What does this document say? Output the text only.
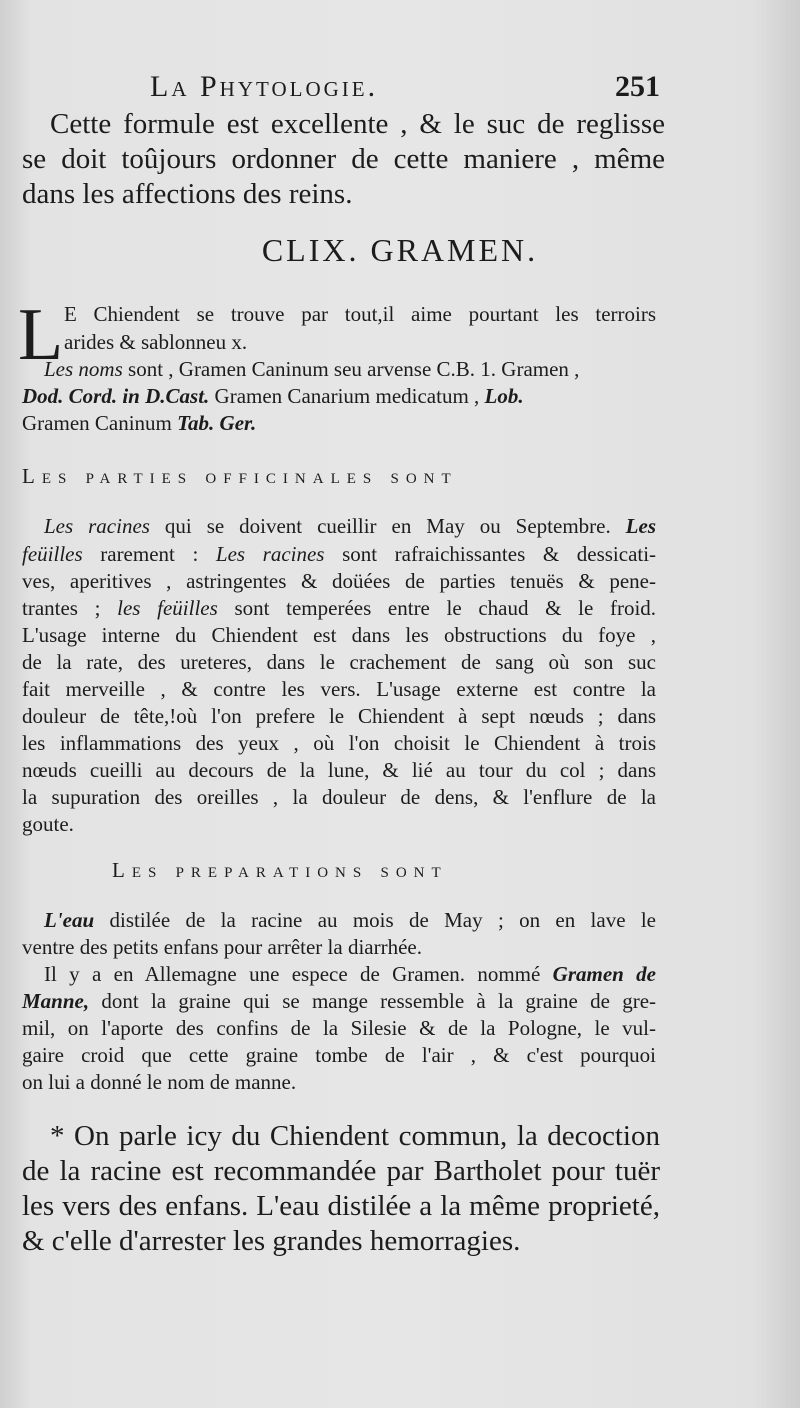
La Phytologie.	251
Cette formule est excellente , & le suc de reglisse
se doit toûjours ordonner de cette maniere , même
dans les affections des reins.
CLIX. GRAMEN.
L E Chiendent se trouve par tout,il aime pourtant les terroirs
arides & sablonneu x.
Les noms sont , Gramen Caninum seu arvense C.B. 1. Gramen ,
Dod. Cord. in D.Cast. Gramen Canarium medicatum , Lob.
Gramen Caninum Tab. Ger.
Les parties officinales sont
Les racines qui se doivent cueillir en May ou Septembre. Les
feüilles rarement : Les racines sont rafraichissantes & dessicati-
ves, aperitives , astringentes & doüées de parties tenuës & pene-
trantes ; les feüilles sont temperées entre le chaud & le froid.
L'usage interne du Chiendent est dans les obstructions du foye ,
de la rate, des ureteres, dans le crachement de sang où son suc
fait merveille , & contre les vers. L'usage externe est contre la
douleur de tête,!où l'on prefere le Chiendent à sept nœuds ; dans
les inflammations des yeux , où l'on choisit le Chiendent à trois
nœuds cueilli au decours de la lune, & lié au tour du col ; dans
la supuration des oreilles , la douleur de dens, & l'enflure de la
goute.
Les preparations sont
L'eau distilée de la racine au mois de May ; on en lave le
ventre des petits enfans pour arrêter la diarrhée.
Il y a en Allemagne une espece de Gramen. nommé Gramen de
Manne, dont la graine qui se mange ressemble à la graine de gre-
mil, on l'aporte des confins de la Silesie & de la Pologne, le vul-
gaire croid que cette graine tombe de l'air , & c'est pourquoi
on lui a donné le nom de manne.
* On parle icy du Chiendent commun, la decoction
de la racine est recommandée par Bartholet pour tuër
les vers des enfans. L'eau distilée a la même proprieté,
& c'elle d'arrester les grandes hemorragies.
